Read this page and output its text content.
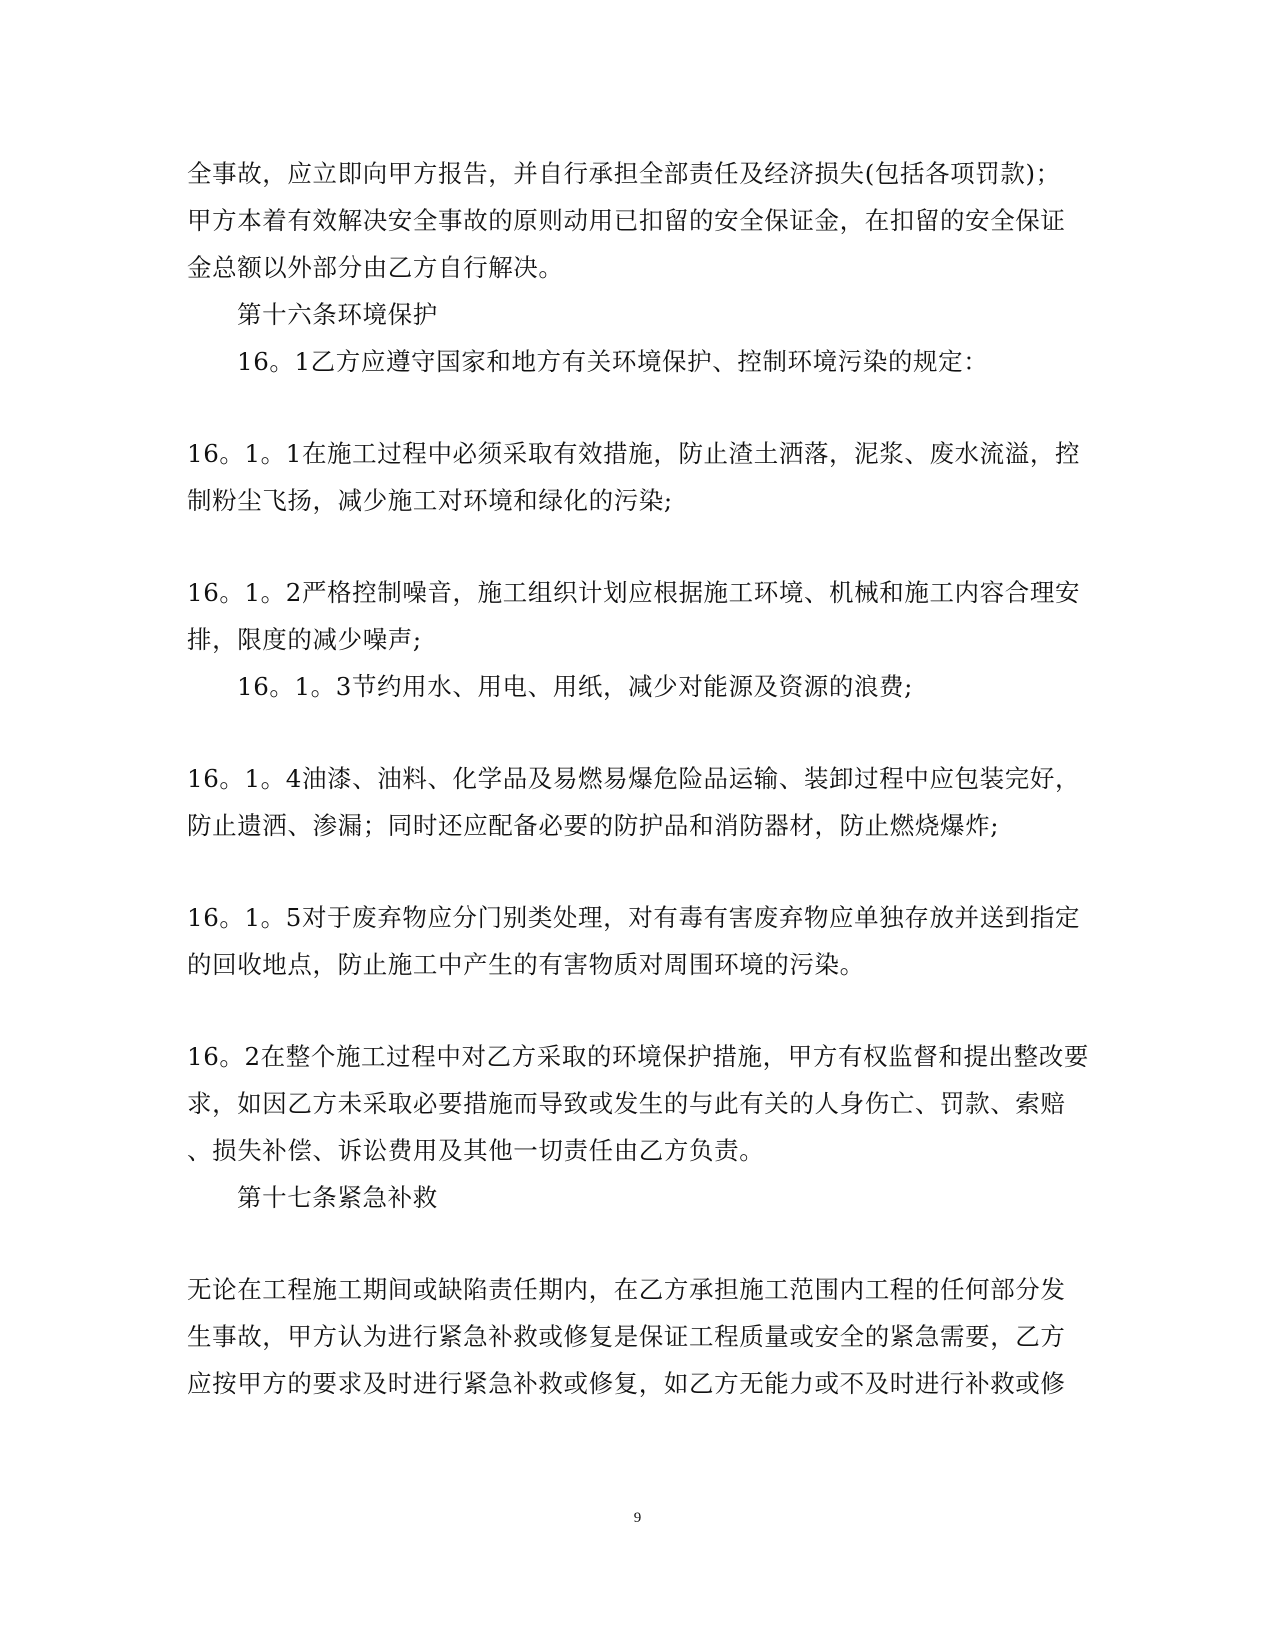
全事故，应立即向甲方报告，并自行承担全部责任及经济损失(包括各项罚款)；
甲方本着有效解决安全事故的原则动用已扣留的安全保证金，在扣留的安全保证
金总额以外部分由乙方自行解决。
第十六条环境保护
16。1乙方应遵守国家和地方有关环境保护、控制环境污染的规定：
16。1。1在施工过程中必须采取有效措施，防止渣土洒落，泥浆、废水流溢，控
制粉尘飞扬，减少施工对环境和绿化的污染;
16。1。2严格控制噪音，施工组织计划应根据施工环境、机械和施工内容合理安
排，限度的减少噪声;
16。1。3节约用水、用电、用纸，减少对能源及资源的浪费;
16。1。4油漆、油料、化学品及易燃易爆危险品运输、装卸过程中应包装完好，
防止遗洒、渗漏；同时还应配备必要的防护品和消防器材，防止燃烧爆炸;
16。1。5对于废弃物应分门别类处理，对有毒有害废弃物应单独存放并送到指定
的回收地点，防止施工中产生的有害物质对周围环境的污染。
16。2在整个施工过程中对乙方采取的环境保护措施，甲方有权监督和提出整改要
求，如因乙方未采取必要措施而导致或发生的与此有关的人身伤亡、罚款、索赔
、损失补偿、诉讼费用及其他一切责任由乙方负责。
第十七条紧急补救
无论在工程施工期间或缺陷责任期内，在乙方承担施工范围内工程的任何部分发
生事故，甲方认为进行紧急补救或修复是保证工程质量或安全的紧急需要，乙方
应按甲方的要求及时进行紧急补救或修复，如乙方无能力或不及时进行补救或修
9
